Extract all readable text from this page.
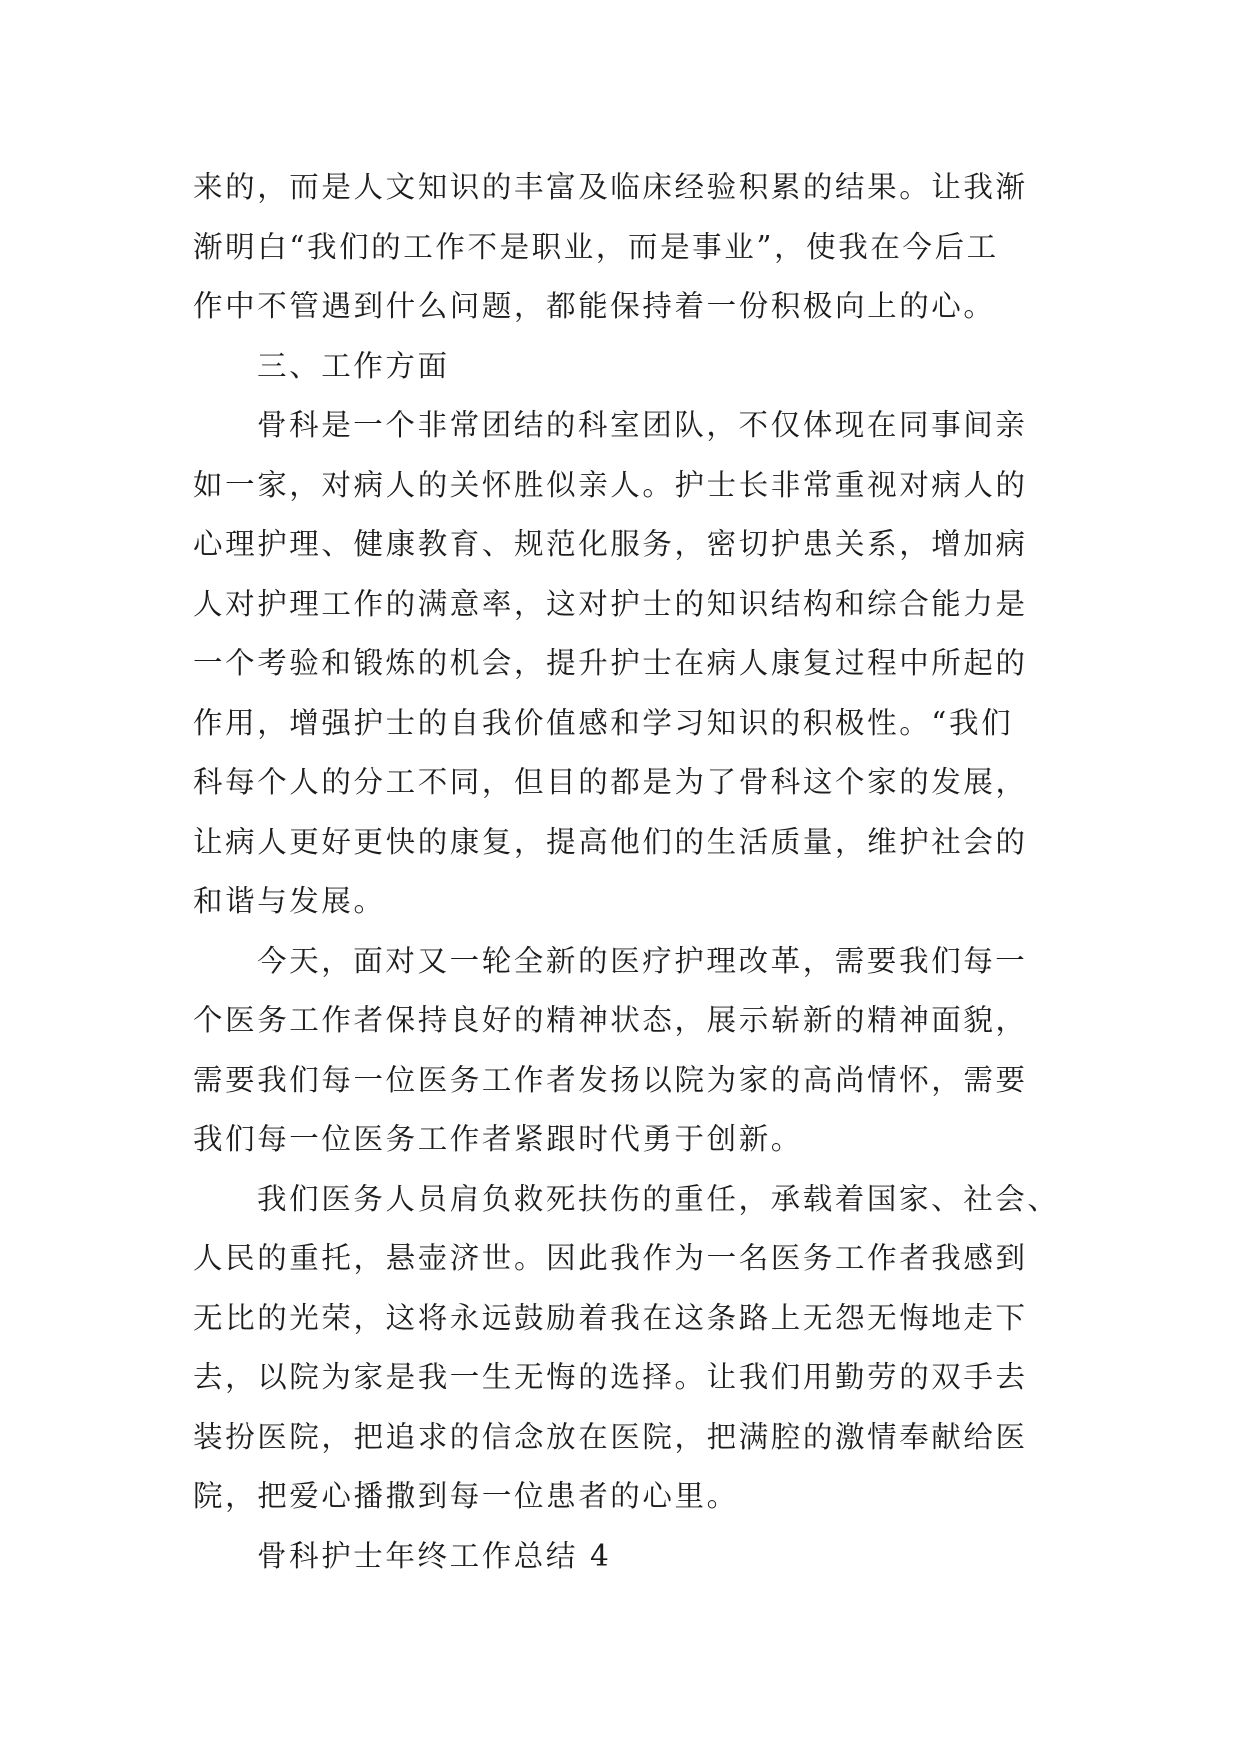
来的，而是人文知识的丰富及临床经验积累的结果。让我渐
渐明白“我们的工作不是职业，而是事业”，使我在今后工
作中不管遇到什么问题，都能保持着一份积极向上的心。
三、工作方面
骨科是一个非常团结的科室团队，不仅体现在同事间亲
如一家，对病人的关怀胜似亲人。护士长非常重视对病人的
心理护理、健康教育、规范化服务，密切护患关系，增加病
人对护理工作的满意率，这对护士的知识结构和综合能力是
一个考验和锻炼的机会，提升护士在病人康复过程中所起的
作用，增强护士的自我价值感和学习知识的积极性。“我们
科每个人的分工不同，但目的都是为了骨科这个家的发展，
让病人更好更快的康复，提高他们的生活质量，维护社会的
和谐与发展。
今天，面对又一轮全新的医疗护理改革，需要我们每一
个医务工作者保持良好的精神状态，展示崭新的精神面貌，
需要我们每一位医务工作者发扬以院为家的高尚情怀，需要
我们每一位医务工作者紧跟时代勇于创新。
我们医务人员肩负救死扶伤的重任，承载着国家、社会、
人民的重托，悬壶济世。因此我作为一名医务工作者我感到
无比的光荣，这将永远鼓励着我在这条路上无怨无悔地走下
去，以院为家是我一生无悔的选择。让我们用勤劳的双手去
装扮医院，把追求的信念放在医院，把满腔的激情奉献给医
院，把爱心播撒到每一位患者的心里。
骨科护士年终工作总结 4
